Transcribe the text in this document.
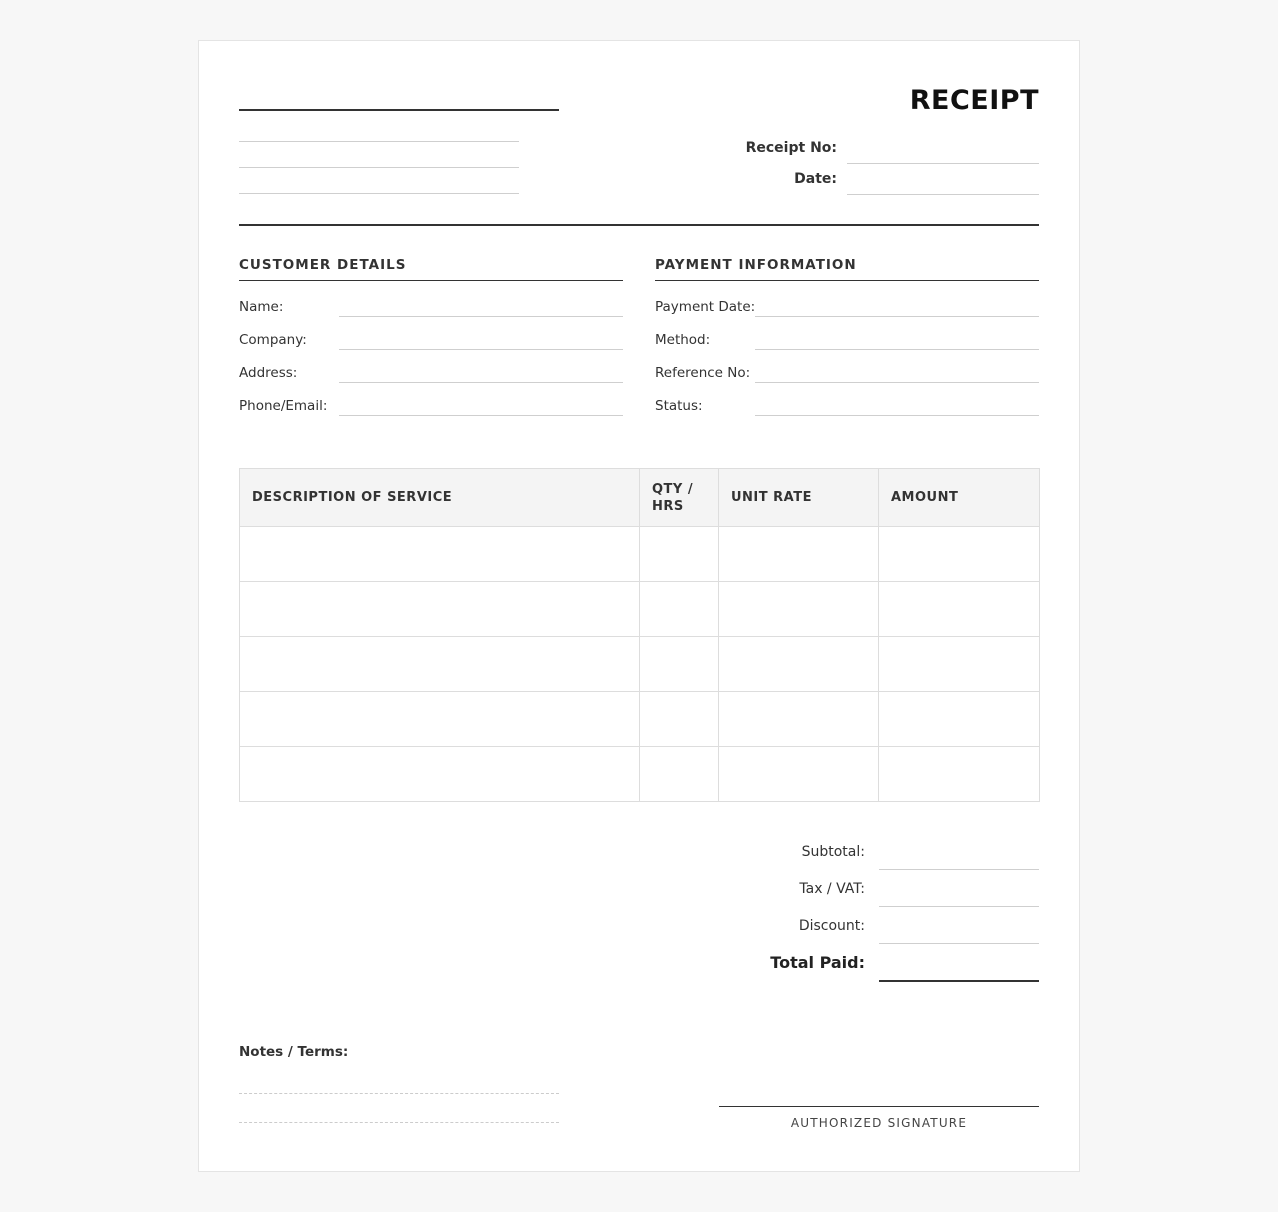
RECEIPT
Receipt No:
Date:
CUSTOMER DETAILS
Name:
Company:
Address:
Phone/Email:
PAYMENT INFORMATION
Payment Date:
Method:
Reference No:
Status:
DESCRIPTION OF SERVICE	QTY / HRS	UNIT RATE	AMOUNT

Subtotal:
Tax / VAT:
Discount:
Total Paid:
Notes / Terms:
AUTHORIZED SIGNATURE
